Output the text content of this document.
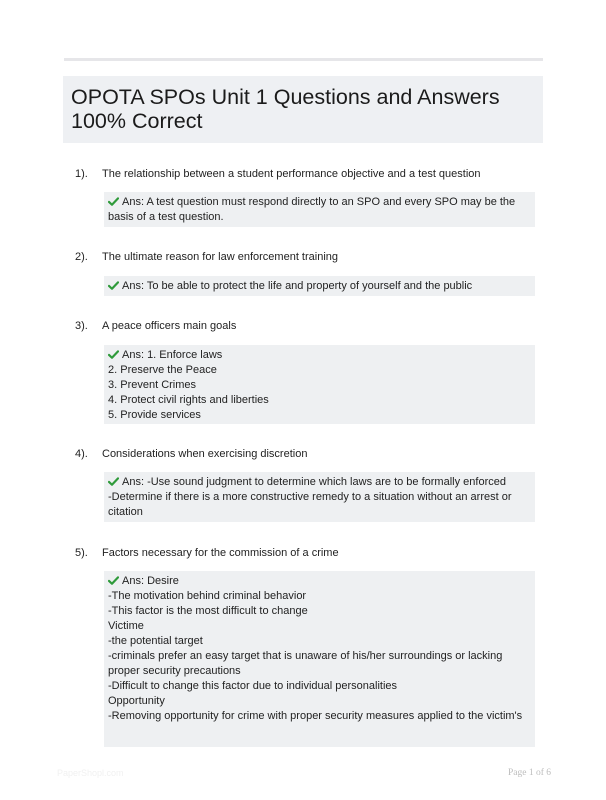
OPOTA SPOs Unit 1 Questions and Answers 100% Correct
1). The relationship between a student performance objective and a test question
Ans: A test question must respond directly to an SPO and every SPO may be the basis of a test question.
2). The ultimate reason for law enforcement training
Ans: To be able to protect the life and property of yourself and the public
3). A peace officers main goals
Ans: 1. Enforce laws
2. Preserve the Peace
3. Prevent Crimes
4. Protect civil rights and liberties
5. Provide services
4). Considerations when exercising discretion
Ans: -Use sound judgment to determine which laws are to be formally enforced
-Determine if there is a more constructive remedy to a situation without an arrest or citation
5). Factors necessary for the commission of a crime
Ans: Desire
-The motivation behind criminal behavior
-This factor is the most difficult to change
Victime
-the potential target
-criminals prefer an easy target that is unaware of his/her surroundings or lacking proper security precautions
-Difficult to change this factor due to individual personalities
Opportunity
-Removing opportunity for crime with proper security measures applied to the victim's
PaperShopl.com	Page 1 of 6
